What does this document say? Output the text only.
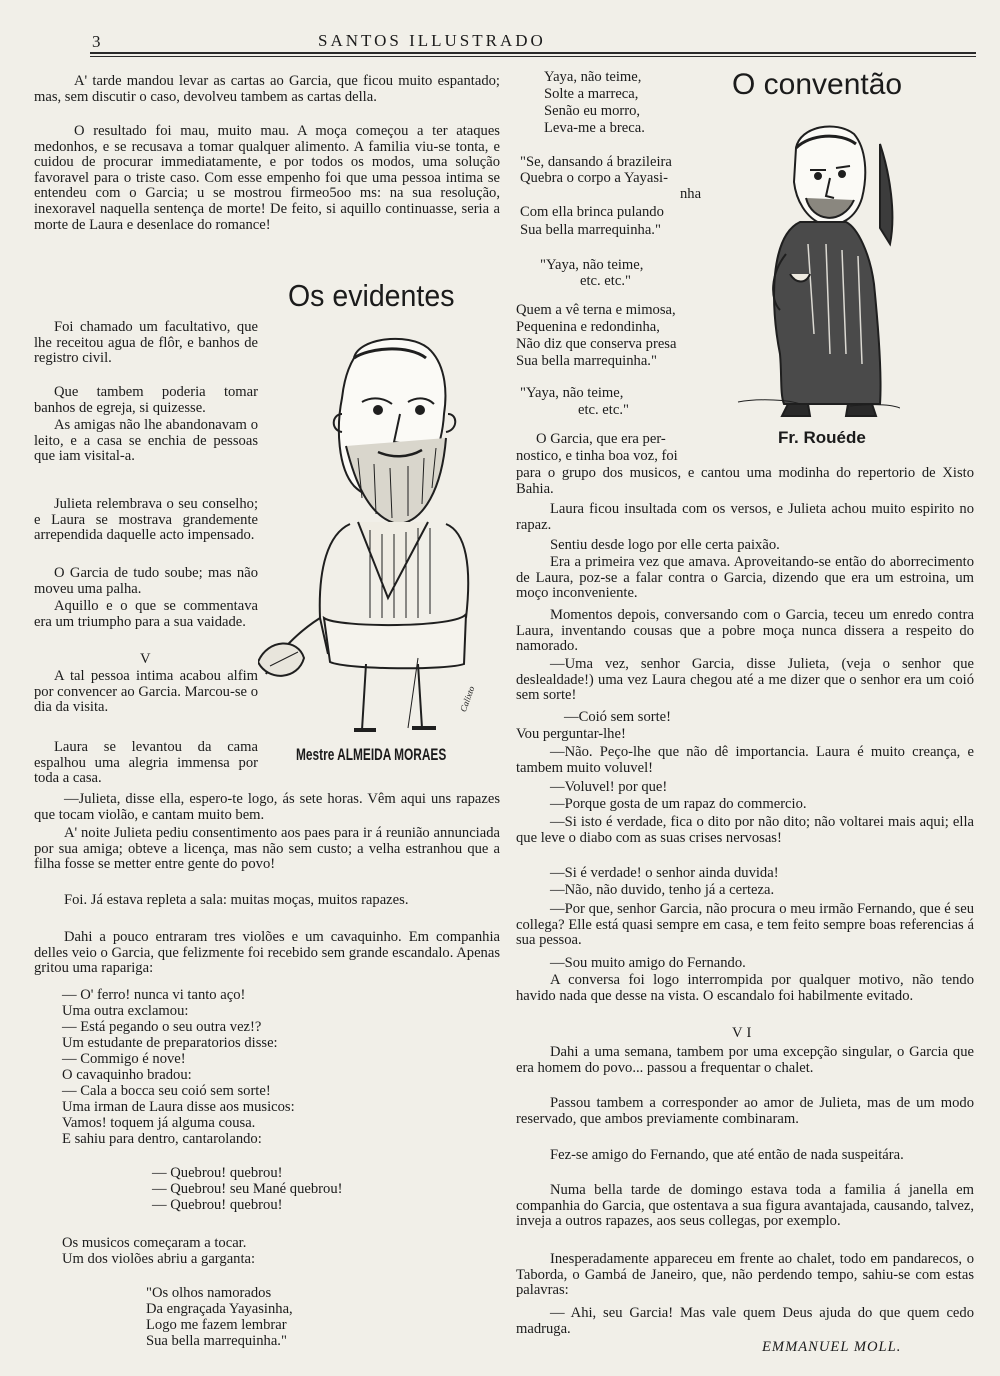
3	SANTOS ILLUSTRADO

A' tarde mandou levar as cartas ao Garcia, que ficou muito espantado; mas, sem discutir o caso, devolveu tambem as cartas della.

O resultado foi mau, muito mau. A moça começou a ter ataques medonhos, e se recusava a tomar qualquer alimento. A familia viu-se tonta, e cuidou de procurar immediatamente, e por todos os modos, uma solução favoravel para o triste caso. Com esse empenho foi que uma pessoa intima se entendeu com o Garcia; u se mostrou firmeo5oo ms: na sua resolução, inexoravel naquella sentença de morte! De feito, si aquillo continuasse, seria a morte de Laura e desenlace do romance!

Foi chamado um facultativo, que lhe receitou agua de flôr, e banhos de registro civil.

Que tambem poderia tomar banhos de egreja, si quizesse.

As amigas não lhe abandonavam o leito, e a casa se enchia de pessoas que iam visital-a.

Julieta relembrava o seu conselho; e Laura se mostrava grandemente arrependida daquelle acto impensado.

O Garcia de tudo soube; mas não moveu uma palha.

Aquillo e o que se commentava era um triumpho para a sua vaidade.

V

A tal pessoa intima acabou alfim por convencer ao Garcia. Marcou-se o dia da visita.

Laura se levantou da cama espalhou uma alegria immensa por toda a casa.

—Julieta, disse ella, espero-te logo, ás sete horas. Vêm aqui uns rapazes que tocam violão, e cantam muito bem.

A' noite Julieta pediu consentimento aos paes para ir á reunião annunciada por sua amiga; obteve a licença, mas não sem custo; a velha estranhou que a filha fosse se metter entre gente do povo!

Foi. Já estava repleta a sala: muitas moças, muitos rapazes.

Dahi a pouco entraram tres violões e um cavaquinho. Em companhia delles veio o Garcia, que felizmente foi recebido sem grande escandalo. Apenas gritou uma rapariga:

— O' ferro! nunca vi tanto aço!
Uma outra exclamou:
— Está pegando o seu outra vez!?
Um estudante de preparatorios disse:
— Commigo é nove!
O cavaquinho bradou:
— Cala a bocca seu coió sem sorte!
Uma irman de Laura disse aos musicos:
Vamos! toquem já alguma cousa.
E sahiu para dentro, cantarolando:
— Quebrou! quebrou!
— Quebrou! seu Mané quebrou!
— Quebrou! quebrou!
Os musicos começaram a tocar.
Um dos violões abriu a garganta:
"Os olhos namorados
Da engraçada Yayasinha,
Logo me fazem lembrar
Sua bella marrequinha."
Os evidentes
Calixto
Mestre ALMEIDA MORAES
Yaya, não teime,
Solte a marreca,
Senão eu morro,
Leva-me a breca.
"Se, dansando á brazileira
Quebra o corpo a Yayasi-
nha
Com ella brinca pulando
Sua bella marrequinha."
"Yaya, não teime,
etc. etc."
Quem a vê terna e mimosa,
Pequenina e redondinha,
Não diz que conserva presa
Sua bella marrequinha."
"Yaya, não teime,
etc. etc."
O Garcia, que era per-
nostico, e tinha boa voz, foi

para o grupo dos musicos, e cantou uma modinha do repertorio de Xisto Bahia.

Laura ficou insultada com os versos, e Julieta achou muito espirito no rapaz.

Sentiu desde logo por elle certa paixão.

Era a primeira vez que amava. Aproveitando-se então do aborrecimento de Laura, poz-se a falar contra o Garcia, dizendo que era um estroina, um moço inconveniente.

Momentos depois, conversando com o Garcia, teceu um enredo contra Laura, inventando cousas que a pobre moça nunca dissera a respeito do namorado.

—Uma vez, senhor Garcia, disse Julieta, (veja o senhor que deslealdade!) uma vez Laura chegou até a me dizer que o senhor era um coió sem sorte!

—Coió sem sorte!

Vou perguntar-lhe!

—Não. Peço-lhe que não dê importancia. Laura é muito creança, e tambem muito voluvel!

—Voluvel! por que!

—Porque gosta de um rapaz do commercio.

—Si isto é verdade, fica o dito por não dito; não voltarei mais aqui; ella que leve o diabo com as suas crises nervosas!

—Si é verdade! o senhor ainda duvida!

—Não, não duvido, tenho já a certeza.

—Por que, senhor Garcia, não procura o meu irmão Fernando, que é seu collega? Elle está quasi sempre em casa, e tem feito sempre boas referencias á sua pessoa.

—Sou muito amigo do Fernando.

A conversa foi logo interrompida por qualquer motivo, não tendo havido nada que desse na vista. O escandalo foi habilmente evitado.

VI

Dahi a uma semana, tambem por uma excepção singular, o Garcia que era homem do povo... passou a frequentar o chalet.

Passou tambem a corresponder ao amor de Julieta, mas de um modo reservado, que ambos previamente combinaram.

Fez-se amigo do Fernando, que até então de nada suspeitára.

Numa bella tarde de domingo estava toda a familia á janella em companhia do Garcia, que ostentava a sua figura avantajada, causando, talvez, inveja a outros rapazes, aos seus collegas, por exemplo.

Inesperadamente appareceu em frente ao chalet, todo em pandarecos, o Taborda, o Gambá de Janeiro, que, não perdendo tempo, sahiu-se com estas palavras:

— Ahi, seu Garcia! Mas vale quem Deus ajuda do que quem cedo madruga.

EMMANUEL MOLL.
O conventão
Fr. Rouéde
